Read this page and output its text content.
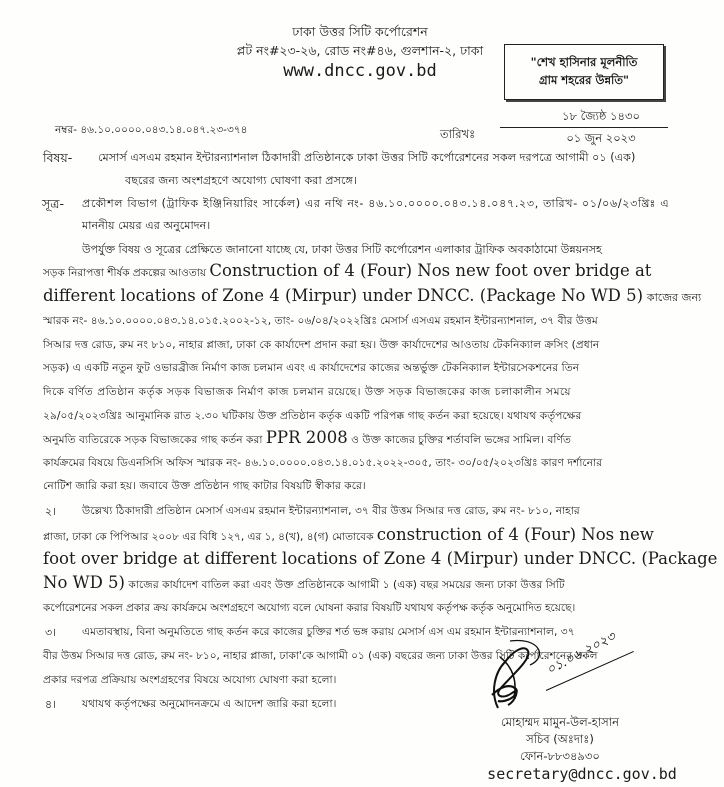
ঢাকা উত্তর সিটি কর্পোরেশন
প্লট নং#২৩-২৬, রোড নং#৪৬, গুলশান-২, ঢাকা
www.dncc.gov.bd	"শেখ হাসিনার মূলনীতি
গ্রাম শহরের উন্নতি"
নম্বর- ৪৬.১০.০০০০.০৪৩.১৪.০৪৭.২৩-৩৭৪	তারিখঃ
১৮ জ্যৈষ্ঠ ১৪৩০
০১ জুন ২০২৩
বিষয়- মেসার্স এসএম রহমান ইন্টারন্যাশনাল ঠিকাদারী প্রতিষ্ঠানকে ঢাকা উত্তর সিটি কর্পোরেশনের সকল দরপত্রে আগামী ০১ (এক)
বছরের জন্য অংশগ্রহণে অযোগ্য ঘোষণা করা প্রসঙ্গে।
সূত্র- প্রকৌশল বিভাগ (ট্রাফিক ইঞ্জিনিয়ারিং সার্কেল) এর নথি নং- ৪৬.১০.০০০০.০৪৩.১৪.০৪৭.২৩, তারিখ- ০১/০৬/২৩খ্রিঃ এ
মাননীয় মেয়র এর অনুমোদন।
উপর্যুক্ত বিষয় ও সূত্রের প্রেক্ষিতে জানানো যাচ্ছে যে, ঢাকা উত্তর সিটি কর্পোরেশন এলাকার ট্রাফিক অবকাঠামো উন্নয়নসহ
সড়ক নিরাপত্তা শীর্ষক প্রকল্পের আওতায় Construction of 4 (Four) Nos new foot over bridge at
different locations of Zone 4 (Mirpur) under DNCC. (Package No WD 5) কাজের জন্য
স্মারক নং- ৪৬.১০.০০০০.০৪৩.১৪.০১৫.২০০২-১২, তাং- ০৬/০৪/২০২২খ্রিঃ মেসার্স এসএম রহমান ইন্টারন্যাশনাল, ৩৭ বীর উত্তম
সিআর দত্ত রোড, রুম নং ৮১০, নাহার প্লাজা, ঢাকা কে কার্যাদেশ প্রদান করা হয়। উক্ত কার্যাদেশের আওতায় টেকনিক্যাল ক্রসিং (প্রধান
সড়ক) এ একটি নতুন ফুট ওভারব্রীজ নির্মাণ কাজ চলমান এবং এ কার্যাদেশের কাজের অন্তর্ভুক্ত টেকনিক্যাল ইন্টারসেকশনের তিন
দিকে বর্ণিত প্রতিষ্ঠান কর্তৃক সড়ক বিভাজক নির্মাণ কাজ চলমান রয়েছে। উক্ত সড়ক বিভাজকের কাজ চলাকালীন সময়ে
২৯/০৫/২০২৩খ্রিঃ আনুমানিক রাত ২.৩০ ঘটিকায় উক্ত প্রতিষ্ঠান কর্তৃক একটি পরিপক্ক গাছ কর্তন করা হয়েছে। যথাযথ কর্তৃপক্ষের
অনুমতি ব্যতিরেকে সড়ক বিভাজকের গাছ কর্তন করা PPR 2008 ও উক্ত কাজের চুক্তির শর্তাবলি ভঙ্গের সামিল। বর্ণিত
কার্যক্রমের বিষয়ে ডিএনসিসি অফিস স্মারক নং- ৪৬.১০.০০০০.০৪৩.১৪.০১৫.২০২২-৩০৫, তাং- ৩০/০৫/২০২৩খ্রিঃ কারণ দর্শানোর
নোটিশ জারি করা হয়। জবাবে উক্ত প্রতিষ্ঠান গাছ কাটার বিষয়টি স্বীকার করে।
২। উল্লেখ্য ঠিকাদারী প্রতিষ্ঠান মেসার্স এসএম রহমান ইন্টারন্যাশনাল, ৩৭ বীর উত্তম সিআর দত্ত রোড, রুম নং- ৮১০, নাহার
প্লাজা, ঢাকা কে পিপিআর ২০০৮ এর বিধি ১২৭, এর ১, ৪(খ), ৪(গ) মোতাবেক construction of 4 (Four) Nos new
foot over bridge at different locations of Zone 4 (Mirpur) under DNCC. (Package
No WD 5) কাজের কার্যাদেশ বাতিল করা এবং উক্ত প্রতিষ্ঠানকে আগামী ১ (এক) বছর সময়ের জন্য ঢাকা উত্তর সিটি
কর্পোরেশনের সকল প্রকার ক্রয় কার্যক্রমে অংশগ্রহণে অযোগ্য বলে ঘোষনা করার বিষয়টি যথাযথ কর্তৃপক্ষ কর্তৃক অনুমোদিত হয়েছে।
৩। এমতাবস্থায়, বিনা অনুমতিতে গাছ কর্তন করে কাজের চুক্তির শর্ত ভঙ্গ করায় মেসার্স এস এম রহমান ইন্টারন্যাশনাল, ৩৭
বীর উত্তম সিআর দত্ত রোড, রুম নং- ৮১০, নাহার প্লাজা, ঢাকা'কে আগামী ০১ (এক) বছরের জন্য ঢাকা উত্তর সিটি কর্পোরেশনের সকল
প্রকার দরপত্র প্রক্রিয়ায় অংশগ্রহণের বিষয়ে অযোগ্য ঘোষণা করা হলো।
৪। যথাযথ কর্তৃপক্ষের অনুমোদনক্রমে এ আদেশ জারি করা হলো।
০১.০৬.২০২৩
মোহাম্মদ মামুন-উল-হাসান
সচিব (অঃদাঃ)
ফোন-৮৮৩৪৯৩০
secretary@dncc.gov.bd
